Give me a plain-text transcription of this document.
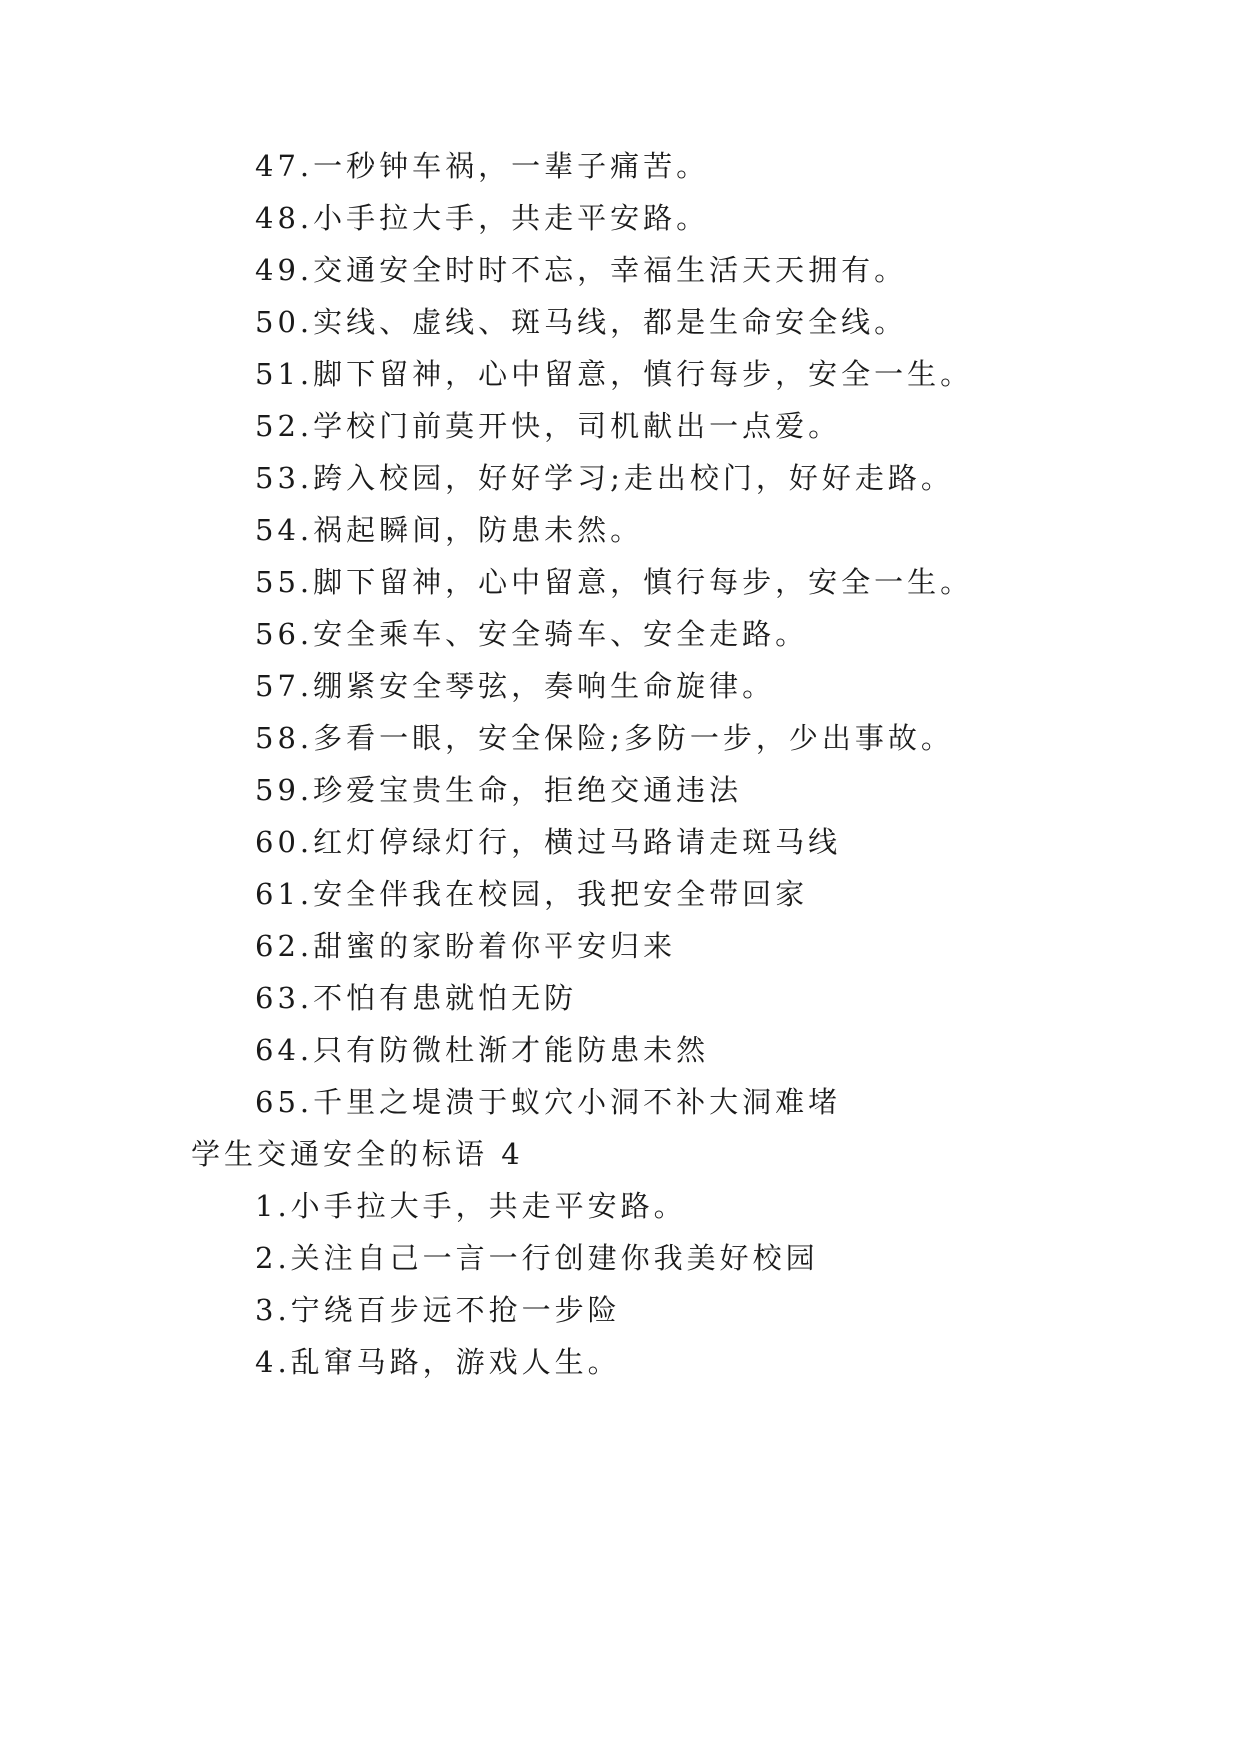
47.一秒钟车祸，一辈子痛苦。
48.小手拉大手，共走平安路。
49.交通安全时时不忘，幸福生活天天拥有。
50.实线、虚线、斑马线，都是生命安全线。
51.脚下留神，心中留意，慎行每步，安全一生。
52.学校门前莫开快，司机献出一点爱。
53.跨入校园，好好学习;走出校门，好好走路。
54.祸起瞬间，防患未然。
55.脚下留神，心中留意，慎行每步，安全一生。
56.安全乘车、安全骑车、安全走路。
57.绷紧安全琴弦，奏响生命旋律。
58.多看一眼，安全保险;多防一步，少出事故。
59.珍爱宝贵生命，拒绝交通违法
60.红灯停绿灯行，横过马路请走斑马线
61.安全伴我在校园，我把安全带回家
62.甜蜜的家盼着你平安归来
63.不怕有患就怕无防
64.只有防微杜渐才能防患未然
65.千里之堤溃于蚁穴小洞不补大洞难堵
学生交通安全的标语 4
1.小手拉大手，共走平安路。
2.关注自己一言一行创建你我美好校园
3.宁绕百步远不抢一步险
4.乱窜马路，游戏人生。
